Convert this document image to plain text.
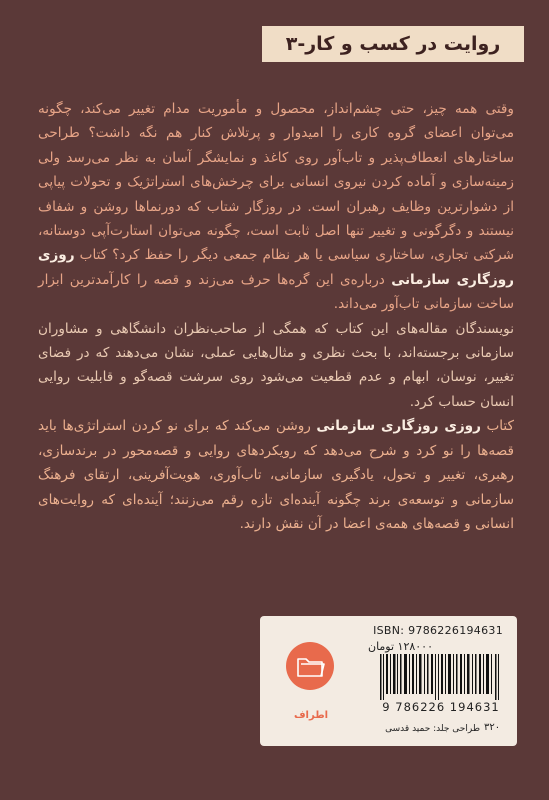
روایت در کسب و کار-۳

وقتی همه چیز، حتی چشم‌انداز، محصول و مأموریت مدام تغییر می‌کند، چگونه می‌توان اعضای گروه کاری را امیدوار و پرتلاش کنار هم نگه داشت؟ طراحی ساختارهای انعطاف‌پذیر و تاب‌آور روی کاغذ و نمایشگر آسان به نظر می‌رسد ولی زمینه‌سازی و آماده کردن نیروی انسانی برای چرخش‌های استراتژیک و تحولات پیاپی از دشوارترین وظایف رهبران است. در روزگار شتاب که دورنماها روشن و شفاف نیستند و دگرگونی و تغییر تنها اصل ثابت است، چگونه می‌توان استارت‌آپی دوستانه، شرکتی تجاری، ساختاری سیاسی یا هر نظام جمعی دیگر را حفظ کرد؟ کتاب روزی روزگاری سازمانی درباره‌ی این گره‌ها حرف می‌زند و قصه را کارآمدترین ابزار ساخت سازمانی تاب‌آور می‌داند.

نویسندگان مقاله‌های این کتاب که همگی از صاحب‌نظران دانشگاهی و مشاوران سازمانی برجسته‌اند، با بحث نظری و مثال‌هایی عملی، نشان می‌دهند که در فضای تغییر، نوسان، ابهام و عدم قطعیت می‌شود روی سرشت قصه‌گو و قابلیت روایی انسان حساب کرد.

کتاب روزی روزگاری سازمانی روشن می‌کند که برای نو کردن استراتژی‌ها باید قصه‌ها را نو کرد و شرح می‌دهد که رویکردهای روایی و قصه‌محور در برندسازی، رهبری، تغییر و تحول، یادگیری سازمانی، تاب‌آوری، هویت‌آفرینی، ارتقای فرهنگ سازمانی و توسعه‌ی برند چگونه آینده‌ای تازه رقم می‌زنند؛ آینده‌ای که روایت‌های انسانی و قصه‌های همه‌ی اعضا در آن نقش دارند.

ISBN: 9786226194631
۱۲۸۰۰۰ تومان
9 786226 194631
۳۲۰
طراحی جلد: حمید قدسی
اطراف
